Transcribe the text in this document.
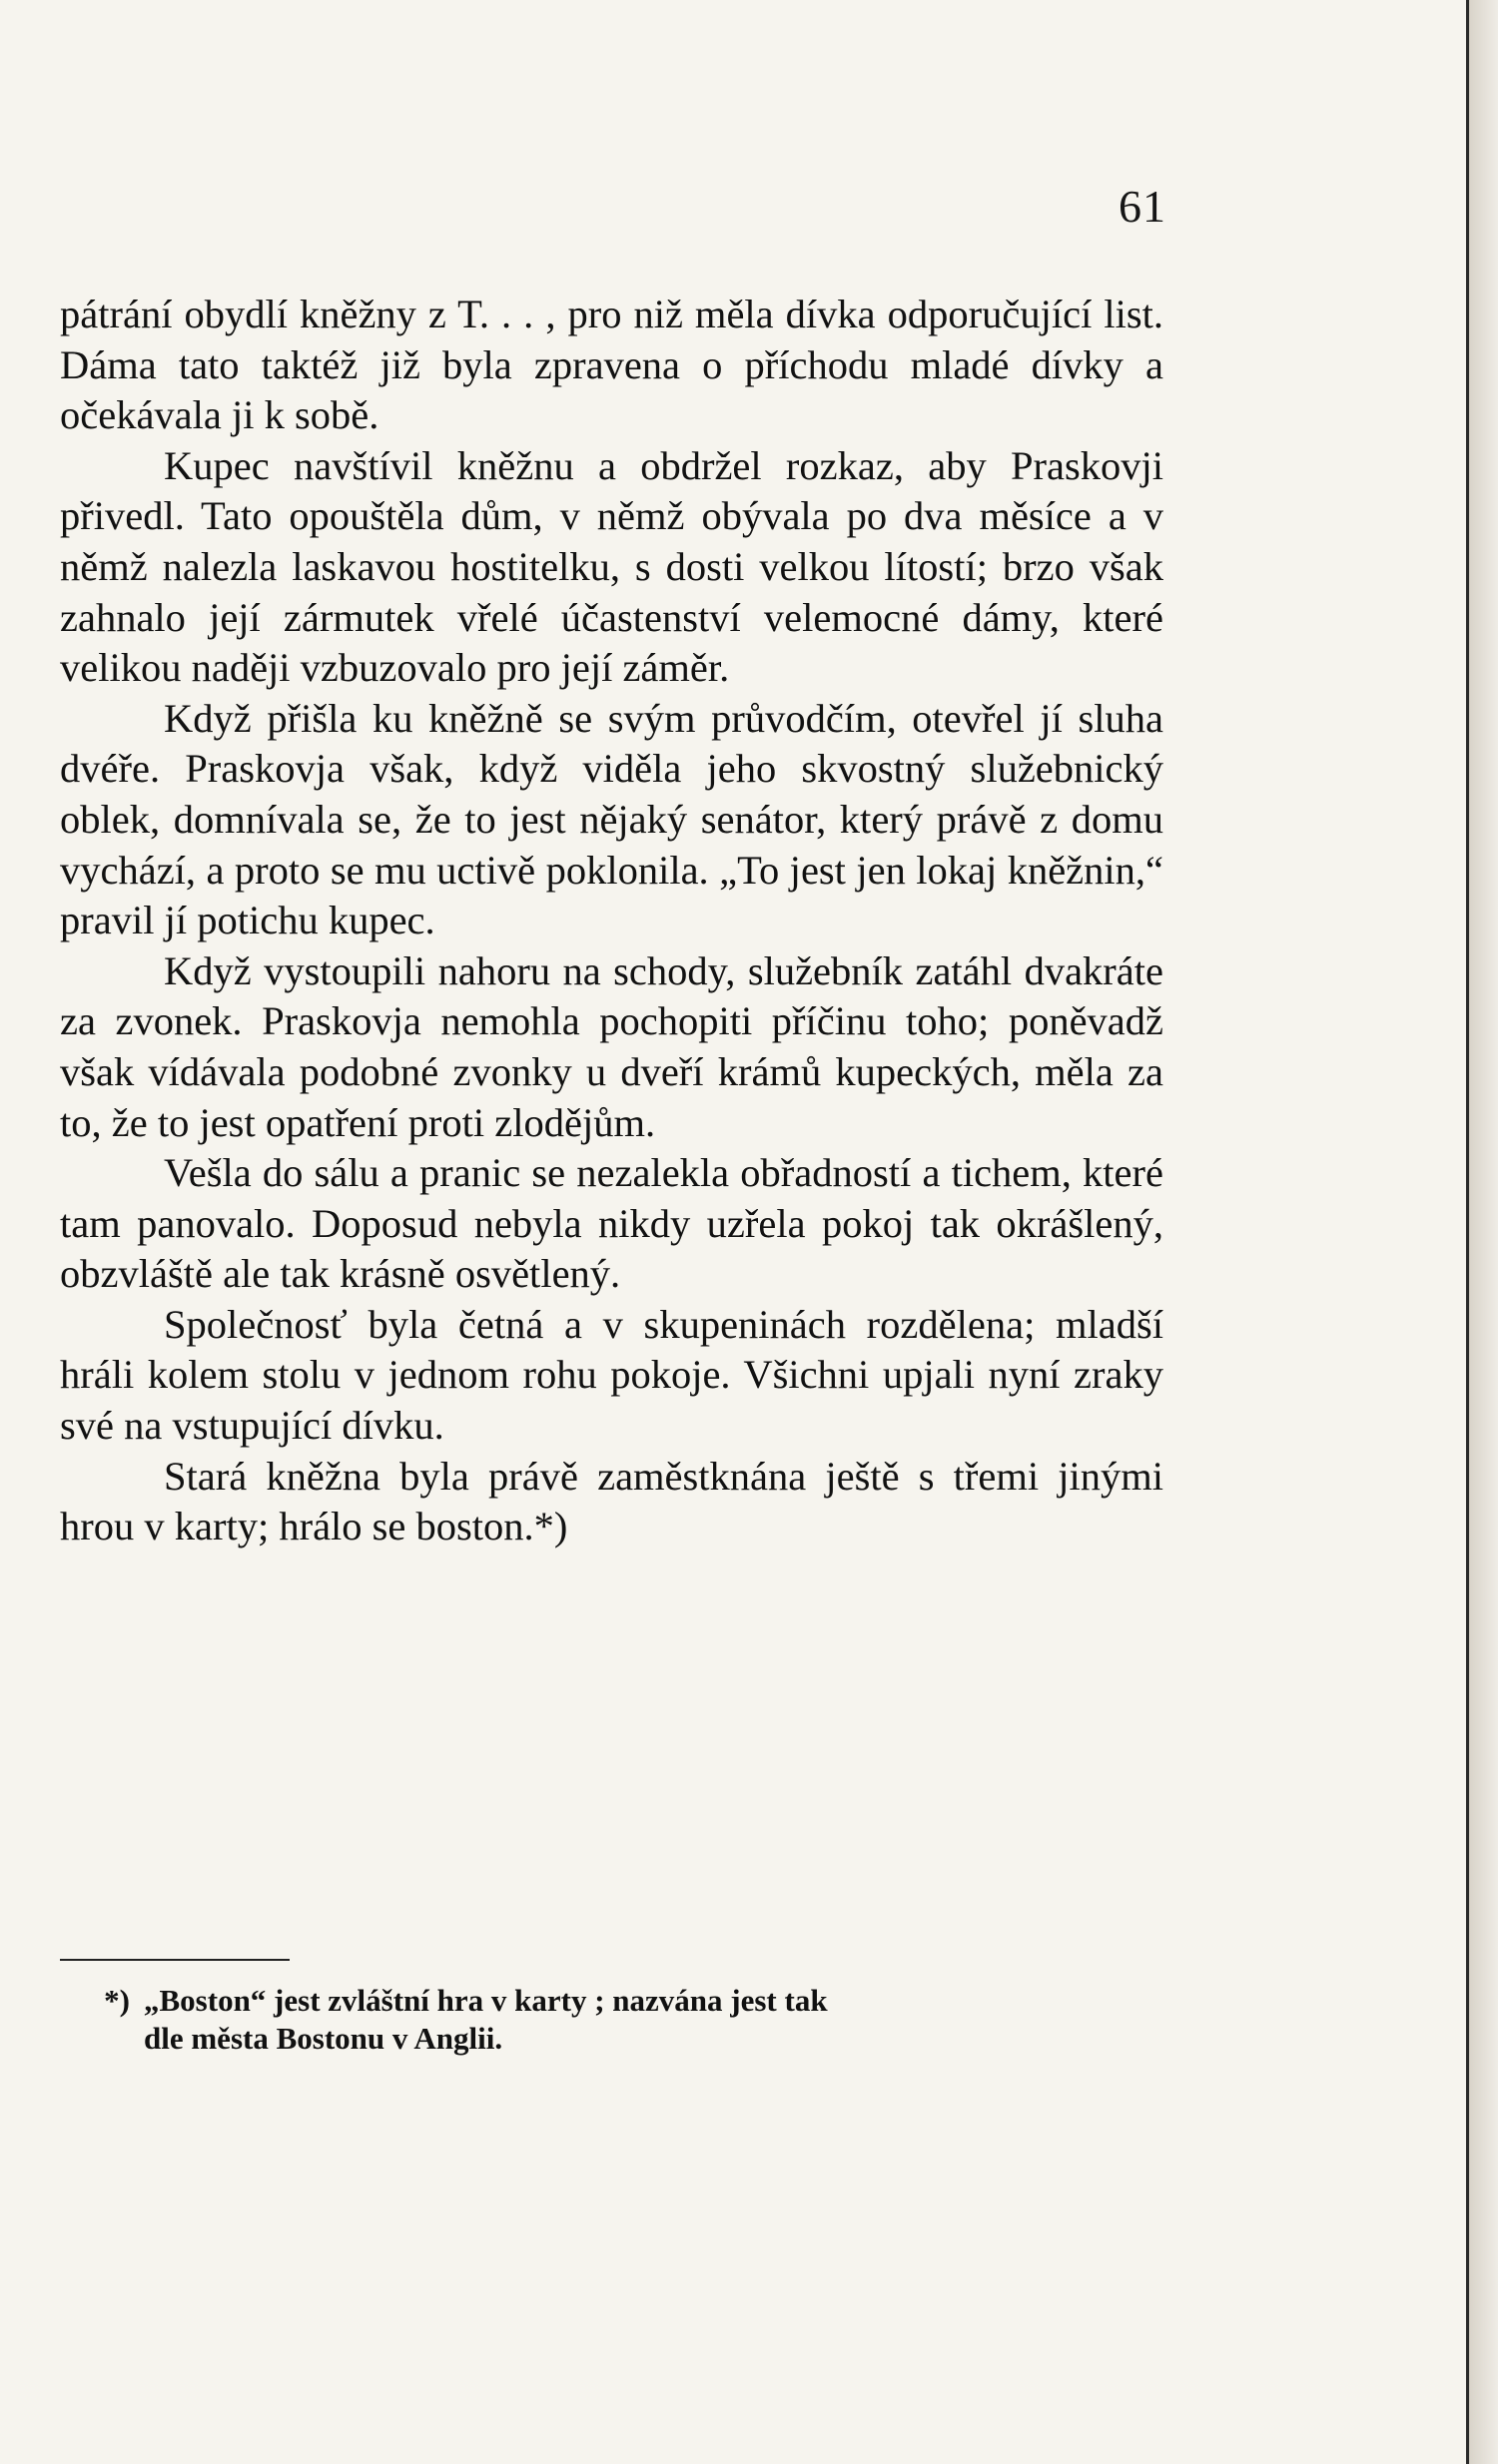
61

pátrání obydlí kněžny z T. . . , pro niž měla dívka odporučující list. Dáma tato taktéž již byla zpravena o příchodu mladé dívky a očekávala ji k sobě.

Kupec navštívil kněžnu a obdržel rozkaz, aby Praskovji přivedl. Tato opouštěla dům, v němž obývala po dva měsíce a v němž nalezla laskavou hostitelku, s dosti velkou lítostí; brzo však zahnalo její zármutek vřelé účastenství velemocné dámy, které velikou naději vzbuzovalo pro její záměr.

Když přišla ku kněžně se svým průvodčím, otevřel jí sluha dvéře. Praskovja však, když viděla jeho skvostný služebnický oblek, domnívala se, že to jest nějaký senátor, který právě z domu vychází, a proto se mu uctivě poklonila. „To jest jen lokaj kněžnin,“ pravil jí potichu kupec.

Když vystoupili nahoru na schody, služebník zatáhl dvakráte za zvonek. Praskovja nemohla pochopiti příčinu toho; poněvadž však vídávala podobné zvonky u dveří krámů kupeckých, měla za to, že to jest opatření proti zlodějům.

Vešla do sálu a pranic se nezalekla obřadností a tichem, které tam panovalo. Doposud nebyla nikdy uzřela pokoj tak okrášlený, obzvláště ale tak krásně osvětlený.

Společnosť byla četná a v skupeninách rozdělena; mladší hráli kolem stolu v jednom rohu pokoje. Všichni upjali nyní zraky své na vstupující dívku.

Stará kněžna byla právě zaměstknána ještě s třemi jinými hrou v karty; hrálo se boston.*)

*) „Boston“ jest zvláštní hra v karty ; nazvána jest tak
dle města Bostonu v Anglii.
